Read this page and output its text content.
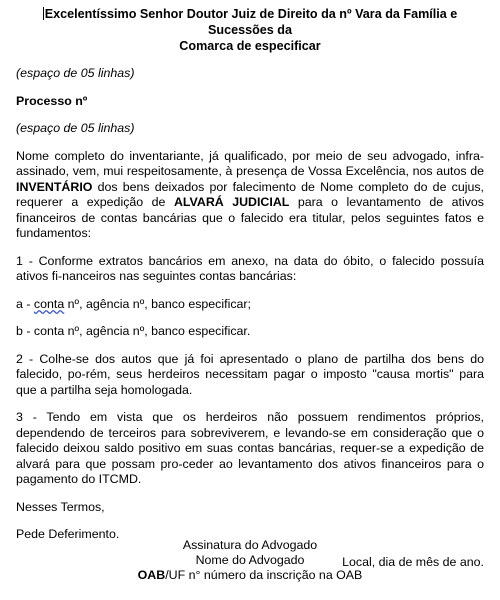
Excelentíssimo Senhor Doutor Juiz de Direito da nº Vara da Família e Sucessões da
Comarca de especificar

(espaço de 05 linhas)

Processo nº

(espaço de 05 linhas)

Nome completo do inventariante, já qualificado, por meio de seu advogado, infra-assinado, vem, mui respeitosamente, à presença de Vossa Excelência, nos autos de INVENTÁRIO dos bens deixados por falecimento de Nome completo do de cujus, requerer a expedição de ALVARÁ JUDICIAL para o levantamento de ativos financeiros de contas bancárias que o falecido era titular, pelos seguintes fatos e fundamentos:

1 - Conforme extratos bancários em anexo, na data do óbito, o falecido possuía ativos fi-nanceiros nas seguintes contas bancárias:

a - conta nº, agência nº, banco especificar;

b - conta nº, agência nº, banco especificar.

2 - Colhe-se dos autos que já foi apresentado o plano de partilha dos bens do falecido, po-rém, seus herdeiros necessitam pagar o imposto "causa mortis" para que a partilha seja homologada.

3 - Tendo em vista que os herdeiros não possuem rendimentos próprios, dependendo de terceiros para sobreviverem, e levando-se em consideração que o falecido deixou saldo positivo em suas contas bancárias, requer-se a expedição de alvará para que possam pro-ceder ao levantamento dos ativos financeiros para o pagamento do ITCMD.

Nesses Termos,

Pede Deferimento.

Local, dia de mês de ano.

Assinatura do Advogado
Nome do Advogado
OAB/UF n° número da inscrição na OAB
